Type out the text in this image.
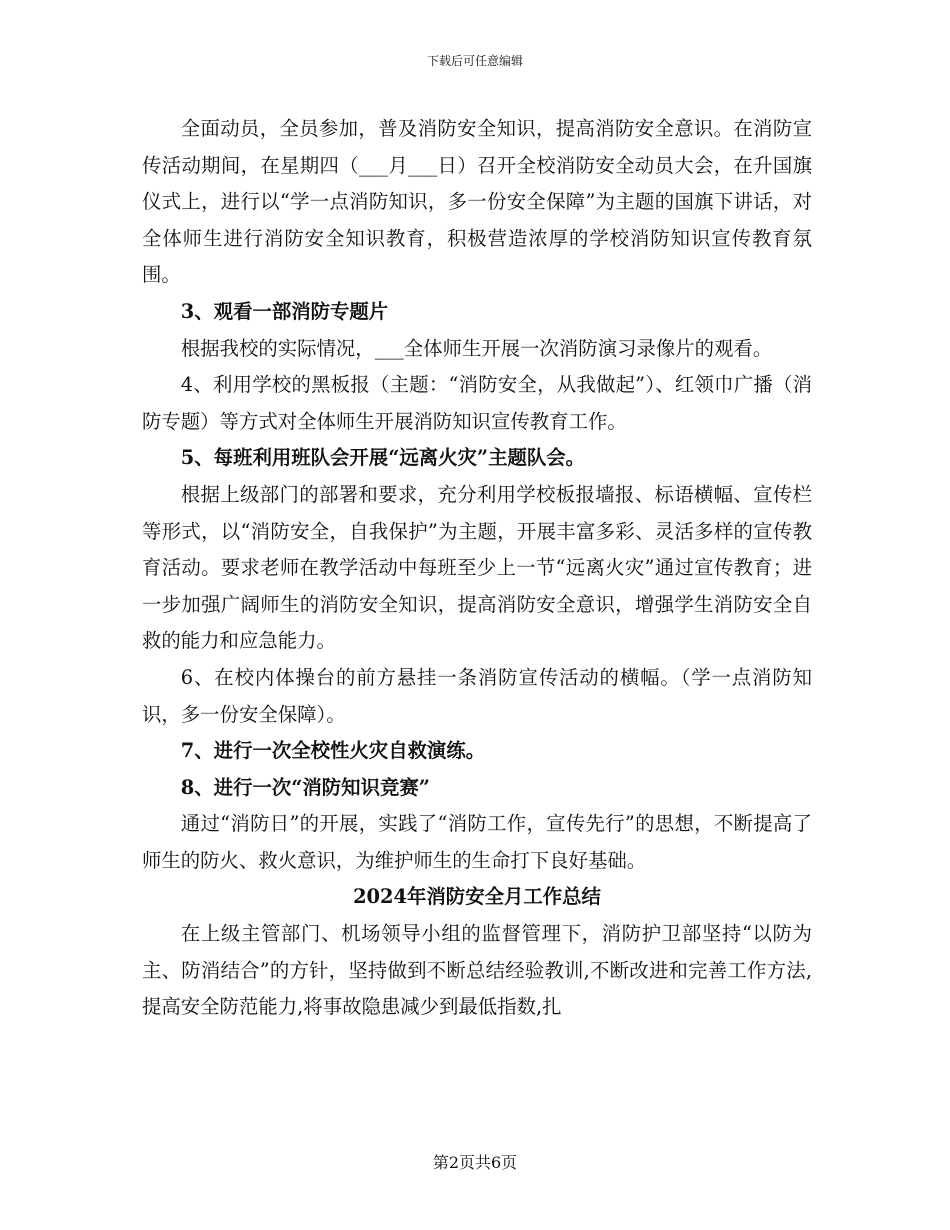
下载后可任意编辑

全面动员，全员参加，普及消防安全知识，提高消防安全意识。在消防宣传活动期间，在星期四（___月___日）召开全校消防安全动员大会，在升国旗仪式上，进行以“学一点消防知识，多一份安全保障”为主题的国旗下讲话，对全体师生进行消防安全知识教育，积极营造浓厚的学校消防知识宣传教育氛围。

3、观看一部消防专题片

根据我校的实际情况，___全体师生开展一次消防演习录像片的观看。

4、利用学校的黑板报（主题：“消防安全，从我做起”）、红领巾广播（消防专题）等方式对全体师生开展消防知识宣传教育工作。

5、每班利用班队会开展“远离火灾”主题队会。

根据上级部门的部署和要求，充分利用学校板报墙报、标语横幅、宣传栏等形式，以“消防安全，自我保护”为主题，开展丰富多彩、灵活多样的宣传教育活动。要求老师在教学活动中每班至少上一节“远离火灾”通过宣传教育；进一步加强广阔师生的消防安全知识，提高消防安全意识，增强学生消防安全自救的能力和应急能力。

6、在校内体操台的前方悬挂一条消防宣传活动的横幅。（学一点消防知识，多一份安全保障）。

7、进行一次全校性火灾自救演练。

8、进行一次“消防知识竞赛”

通过“消防日”的开展，实践了“消防工作，宣传先行”的思想，不断提高了师生的防火、救火意识，为维护师生的生命打下良好基础。

2024年消防安全月工作总结

在上级主管部门、机场领导小组的监督管理下，消防护卫部坚持“以防为主、防消结合”的方针，坚持做到不断总结经验教训,不断改进和完善工作方法,提高安全防范能力,将事故隐患减少到最低指数,扎

第2页共6页
